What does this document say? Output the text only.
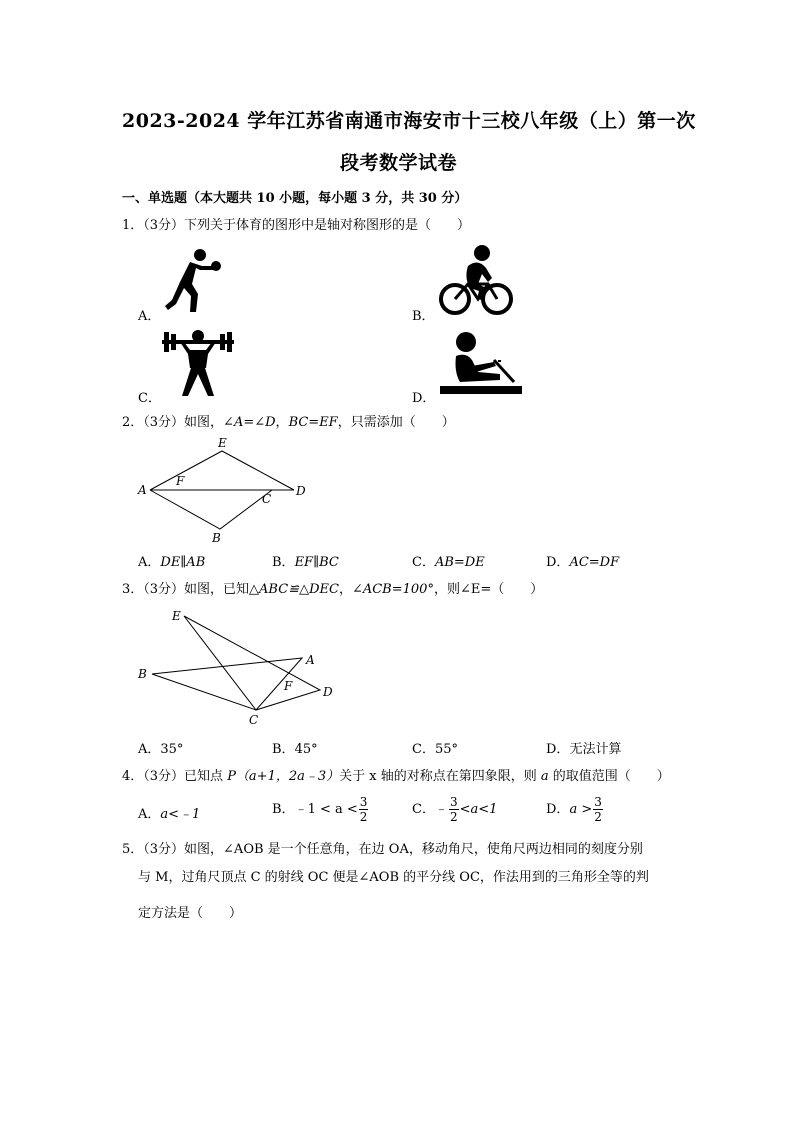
2023-2024 学年江苏省南通市海安市十三校八年级（上）第一次
段考数学试卷
一、单选题（本大题共 10 小题，每小题 3 分，共 30 分）
1．（3分）下列关于体育的图形中是轴对称图形的是（　　）
A．	B．
C．	D．
2．（3分）如图，∠A=∠D，BC=EF，只需添加（　　）
E
F
A
C
D
B
A．DE∥AB	B．EF∥BC	C．AB=DE	D．AC=DF
3．（3分）如图，已知△ABC≌△DEC，∠ACB=100°，则∠E=（　　）
E
A
B
F	D
C
A．35°	B．45°	C．55°	D．无法计算
4．（3分）已知点 P（a+1，2a﹣3）关于 x 轴的对称点在第四象限，则 a 的取值范围（　　）
A．a<﹣1	B．﹣1 < $a < \frac{3}{2}$	C．﹣ $\frac{3}{2} <a<1$	D．$a > \frac{3}{2}$
5．（3分）如图，∠AOB 是一个任意角，在边 OA，移动角尺，使角尺两边相同的刻度分别
与 M，过角尺顶点 C 的射线 OC 便是∠AOB 的平分线 OC，作法用到的三角形全等的判
定方法是（　　）
